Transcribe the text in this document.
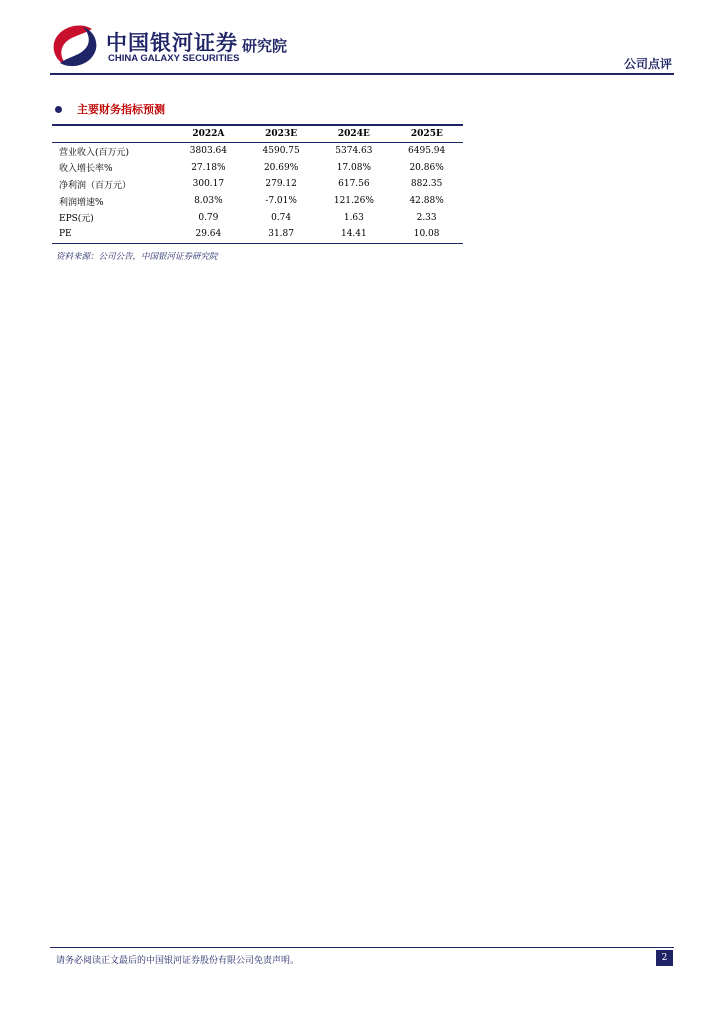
中国银河证券
CHINA GALAXY SECURITIES
研究院
公司点评
主要财务指标预测
	2022A	2023E	2024E	2025E
营业收入(百万元)	3803.64	4590.75	5374.63	6495.94
收入增长率%	27.18%	20.69%	17.08%	20.86%
净利润（百万元）	300.17	279.12	617.56	882.35
利润增速%	8.03%	-7.01%	121.26%	42.88%
EPS(元)	0.79	0.74	1.63	2.33
PE	29.64	31.87	14.41	10.08
资料来源：公司公告，中国银河证券研究院
请务必阅读正文最后的中国银河证券股份有限公司免责声明。	2
